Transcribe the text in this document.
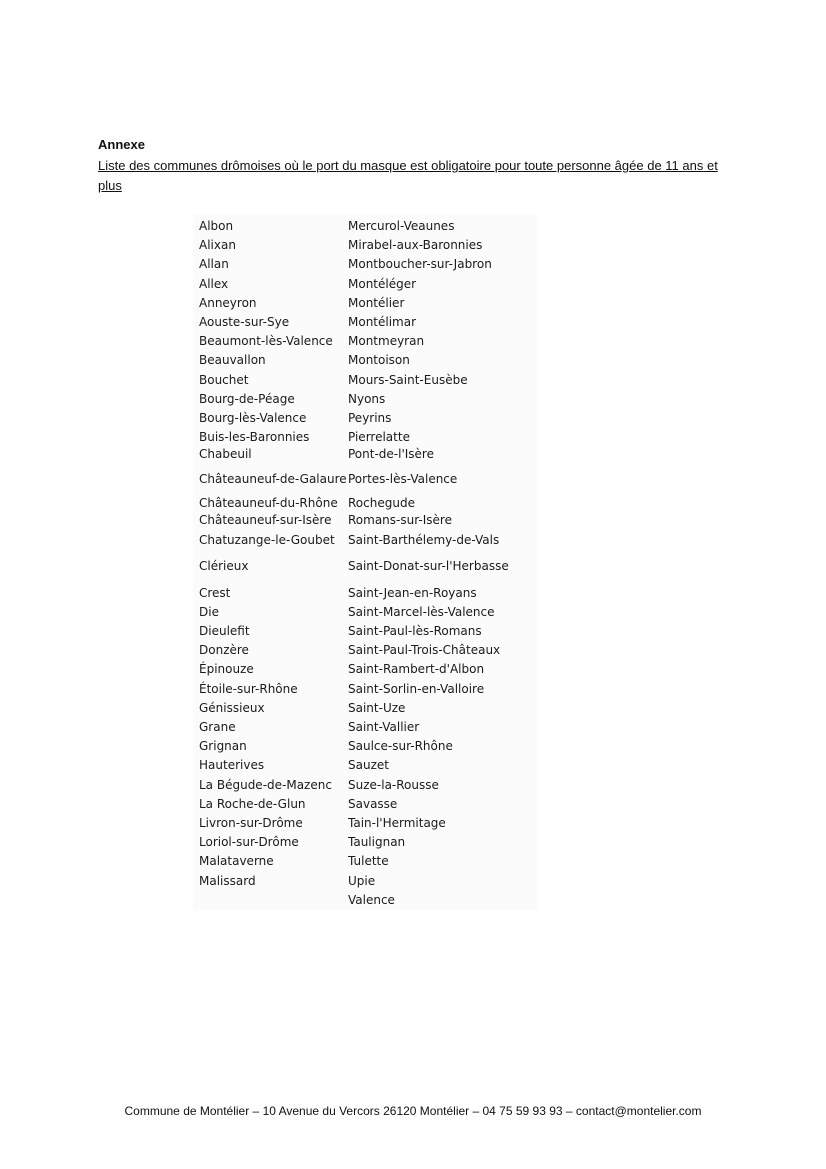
Annexe

Liste des communes drômoises où le port du masque est obligatoire pour toute personne âgée de 11 ans et plus

Albon	Mercurol-Veaunes
Alixan	Mirabel-aux-Baronnies
Allan	Montboucher-sur-Jabron
Allex	Montéléger
Anneyron	Montélier
Aouste-sur-Sye	Montélimar
Beaumont-lès-Valence	Montmeyran
Beauvallon	Montoison
Bouchet	Mours-Saint-Eusèbe
Bourg-de-Péage	Nyons
Bourg-lès-Valence	Peyrins
Buis-les-Baronnies	Pierrelatte
Chabeuil	Pont-de-l'Isère
Châteauneuf-de-Galaure	Portes-lès-Valence
Châteauneuf-du-Rhône	Rochegude
Châteauneuf-sur-Isère	Romans-sur-Isère
Chatuzange-le-Goubet	Saint-Barthélemy-de-Vals
Clérieux	Saint-Donat-sur-l'Herbasse
Crest	Saint-Jean-en-Royans
Die	Saint-Marcel-lès-Valence
Dieulefit	Saint-Paul-lès-Romans
Donzère	Saint-Paul-Trois-Châteaux
Épinouze	Saint-Rambert-d'Albon
Étoile-sur-Rhône	Saint-Sorlin-en-Valloire
Génissieux	Saint-Uze
Grane	Saint-Vallier
Grignan	Saulce-sur-Rhône
Hauterives	Sauzet
La Bégude-de-Mazenc	Suze-la-Rousse
La Roche-de-Glun	Savasse
Livron-sur-Drôme	Tain-l'Hermitage
Loriol-sur-Drôme	Taulignan
Malataverne	Tulette
Malissard	Upie
	Valence

Commune de Montélier – 10 Avenue du Vercors 26120 Montélier – 04 75 59 93 93 – contact@montelier.com
